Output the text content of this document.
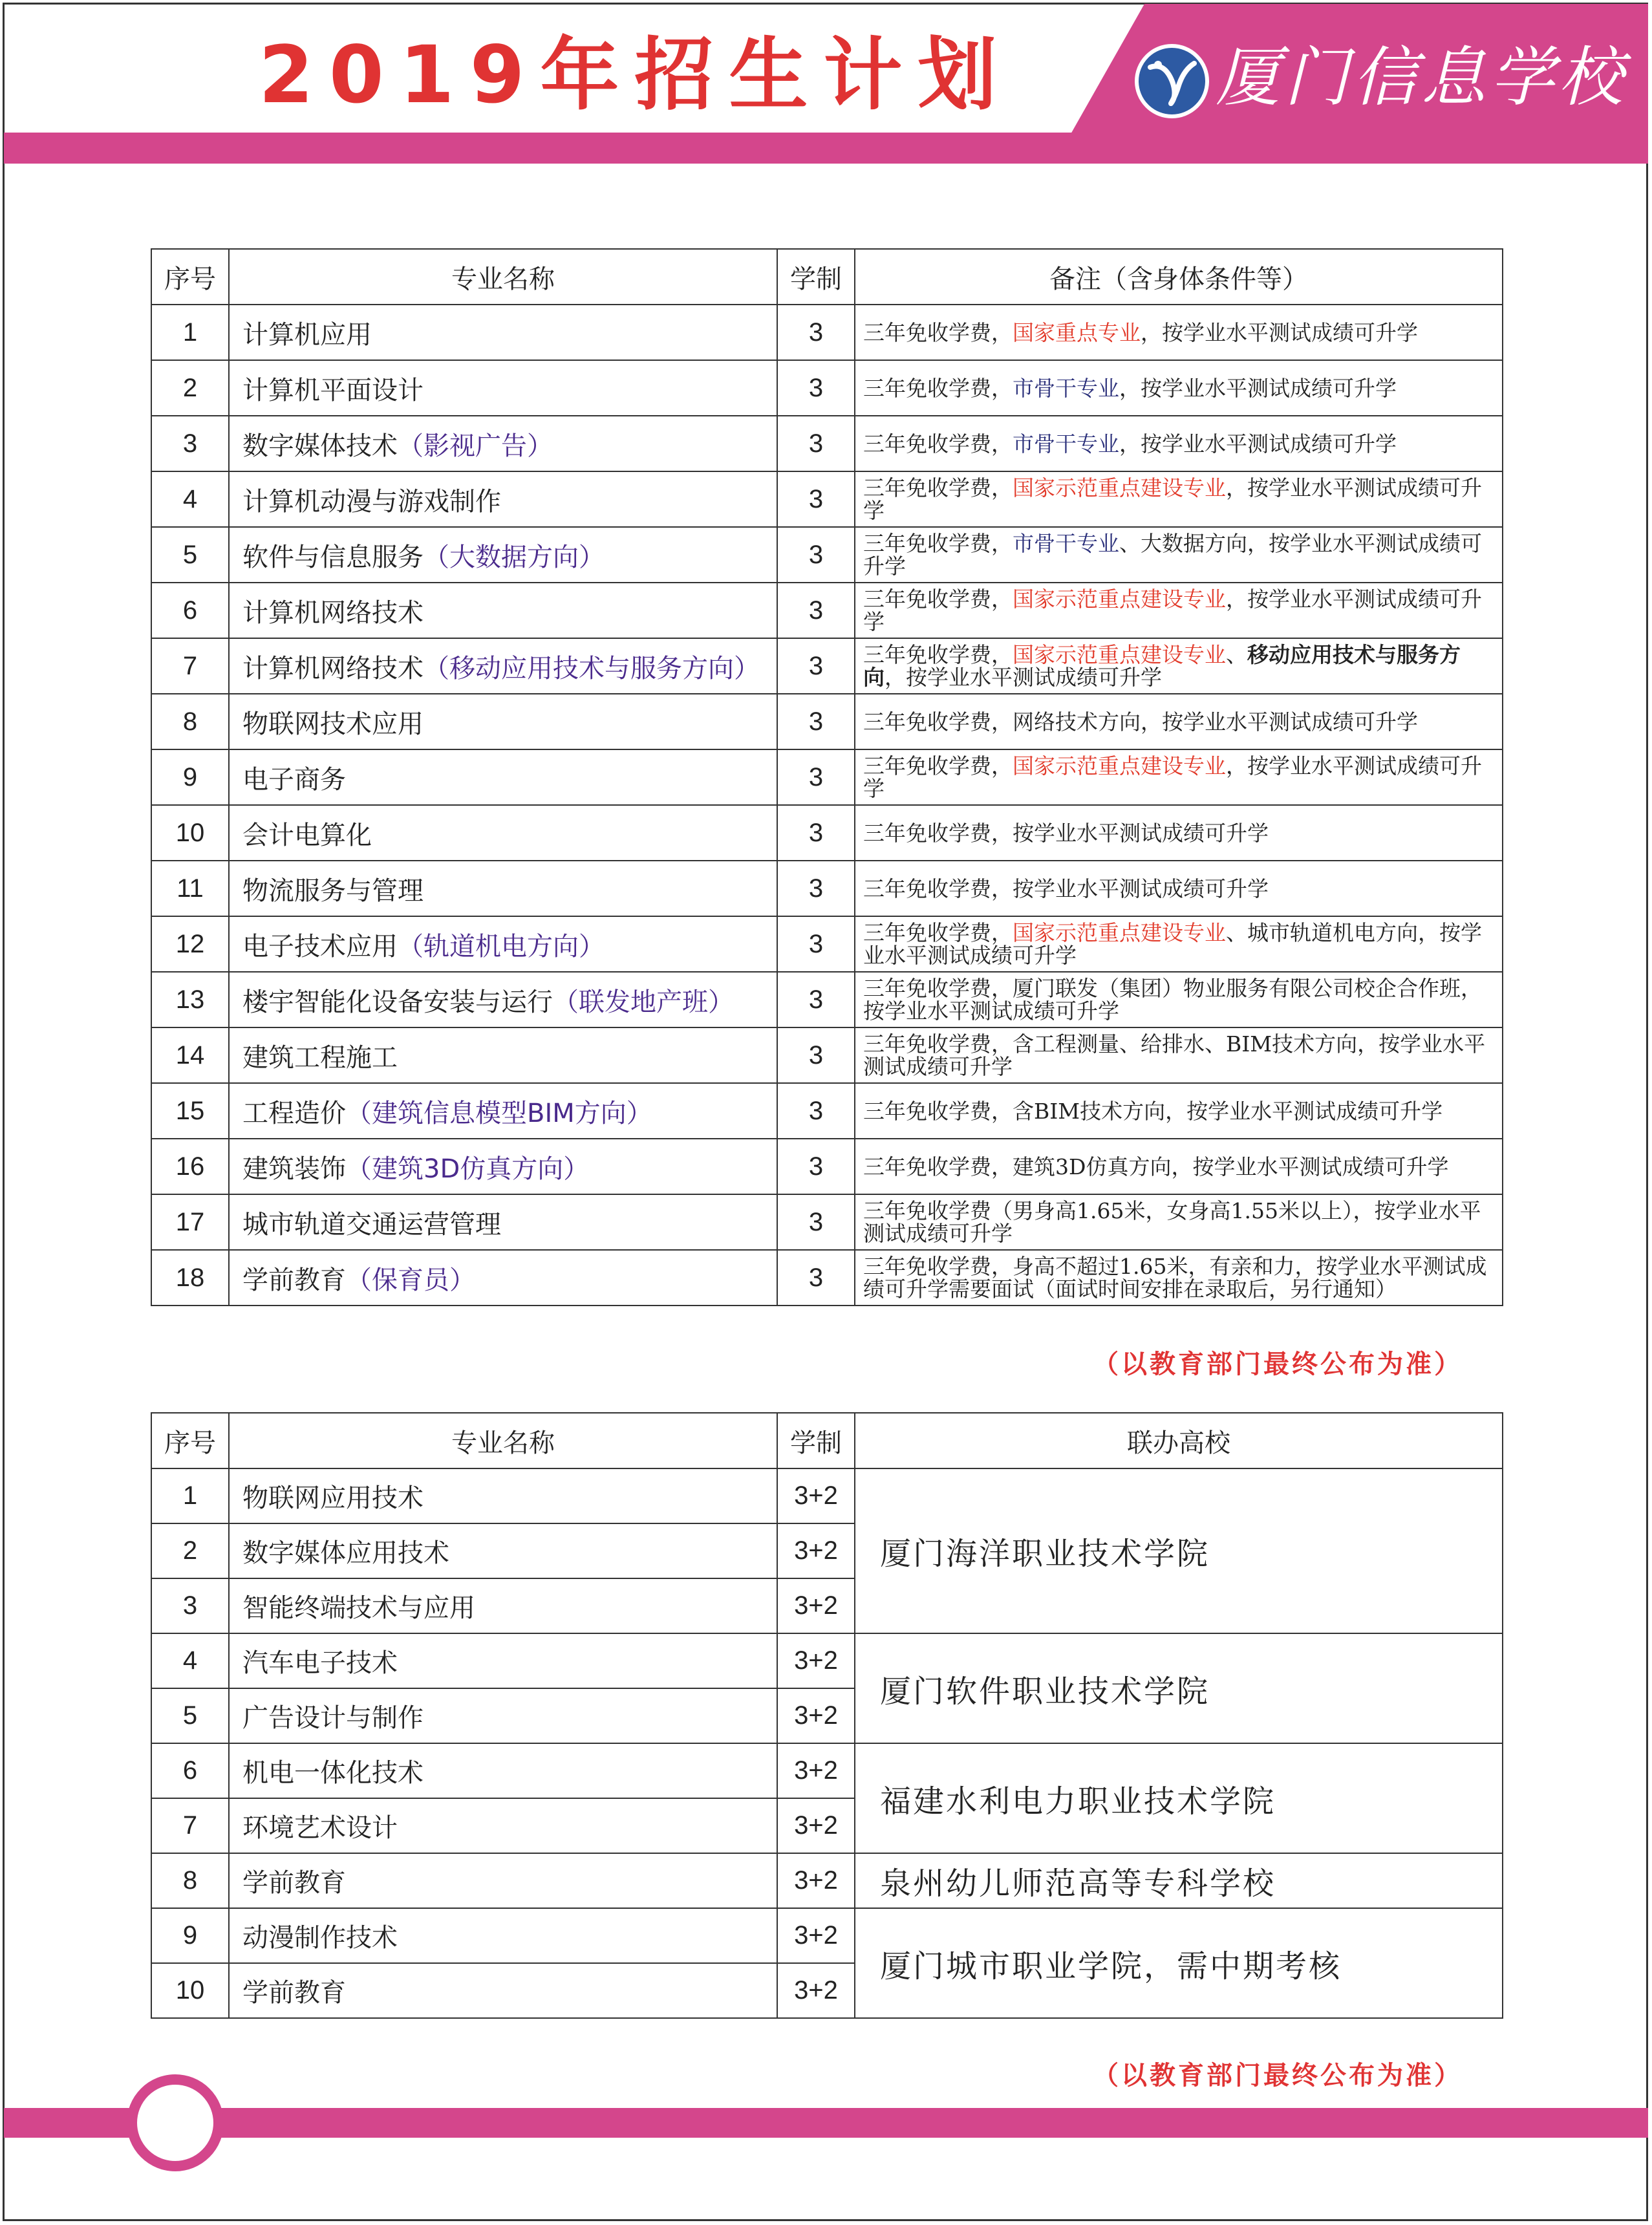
2019年招生计划	厦门信息学校
序号	专业名称	学制	备注（含身体条件等）
1	计算机应用	3	三年免收学费，国家重点专业，按学业水平测试成绩可升学
2	计算机平面设计	3	三年免收学费，市骨干专业，按学业水平测试成绩可升学
3	数字媒体技术（影视广告）	3	三年免收学费，市骨干专业，按学业水平测试成绩可升学
4	计算机动漫与游戏制作	3	三年免收学费，国家示范重点建设专业，按学业水平测试成绩可升学
5	软件与信息服务（大数据方向）	3	三年免收学费，市骨干专业、大数据方向，按学业水平测试成绩可升学
6	计算机网络技术	3	三年免收学费，国家示范重点建设专业，按学业水平测试成绩可升学
7	计算机网络技术（移动应用技术与服务方向）	3	三年免收学费，国家示范重点建设专业、移动应用技术与服务方向，按学业水平测试成绩可升学
8	物联网技术应用	3	三年免收学费，网络技术方向，按学业水平测试成绩可升学
9	电子商务	3	三年免收学费，国家示范重点建设专业，按学业水平测试成绩可升学
10	会计电算化	3	三年免收学费，按学业水平测试成绩可升学
11	物流服务与管理	3	三年免收学费，按学业水平测试成绩可升学
12	电子技术应用（轨道机电方向）	3	三年免收学费，国家示范重点建设专业、城市轨道机电方向，按学业水平测试成绩可升学
13	楼宇智能化设备安装与运行（联发地产班）	3	三年免收学费，厦门联发（集团）物业服务有限公司校企合作班，按学业水平测试成绩可升学
14	建筑工程施工	3	三年免收学费，含工程测量、给排水、BIM技术方向，按学业水平测试成绩可升学
15	工程造价（建筑信息模型BIM方向）	3	三年免收学费，含BIM技术方向，按学业水平测试成绩可升学
16	建筑装饰（建筑3D仿真方向）	3	三年免收学费，建筑3D仿真方向，按学业水平测试成绩可升学
17	城市轨道交通运营管理	3	三年免收学费（男身高1.65米，女身高1.55米以上），按学业水平测试成绩可升学
18	学前教育（保育员）	3	三年免收学费，身高不超过1.65米，有亲和力，按学业水平测试成绩可升学需要面试（面试时间安排在录取后，另行通知）
（以教育部门最终公布为准）
序号	专业名称	学制	联办高校
1	物联网应用技术	3+2	厦门海洋职业技术学院
2	数字媒体应用技术	3+2	
3	智能终端技术与应用	3+2	
4	汽车电子技术	3+2	厦门软件职业技术学院
5	广告设计与制作	3+2	
6	机电一体化技术	3+2	福建水利电力职业技术学院
7	环境艺术设计	3+2	
8	学前教育	3+2	泉州幼儿师范高等专科学校
9	动漫制作技术	3+2	厦门城市职业学院，需中期考核
10	学前教育	3+2	
（以教育部门最终公布为准）
